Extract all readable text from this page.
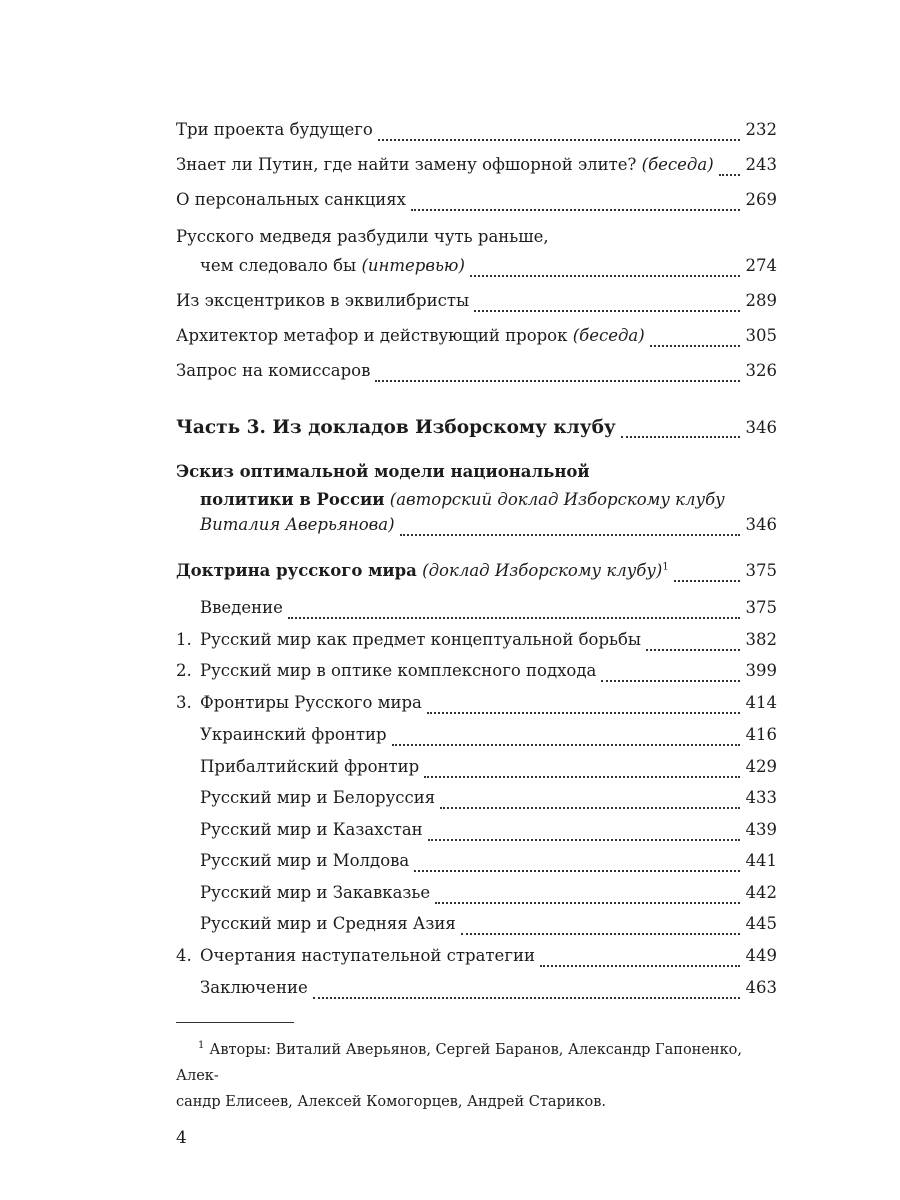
Три проекта будущего	232
Знает ли Путин, где найти замену офшорной элите? (беседа) 243
О персональных санкциях	269
Русского медведя разбудили чуть раньше,
чем следовало бы (интервью)	274
Из эксцентриков в эквилибристы	289
Архитектор метафор и действующий пророк (беседа)	305
Запрос на комиссаров	326
Часть 3. Из докладов Изборскому клубу	346
Эскиз оптимальной модели национальной
политики в России (авторский доклад Изборскому клубу
Виталия Аверьянова)	346
Доктрина русского мира (доклад Изборскому клубу)$^1$	375
Введение	375
1. Русский мир как предмет концептуальной борьбы	382
2. Русский мир в оптике комплексного подхода	399
3. Фронтиры Русского мира	414
Украинский фронтир	416
Прибалтийский фронтир	429
Русский мир и Белоруссия	433
Русский мир и Казахстан	439
Русский мир и Молдова	441
Русский мир и Закавказье	442
Русский мир и Средняя Азия	445
4. Очертания наступательной стратегии	449
Заключение	463
$^1$ Авторы: Виталий Аверьянов, Сергей Баранов, Александр Гапоненко, Алек-
сандр Елисеев, Алексей Комогорцев, Андрей Стариков.
4
